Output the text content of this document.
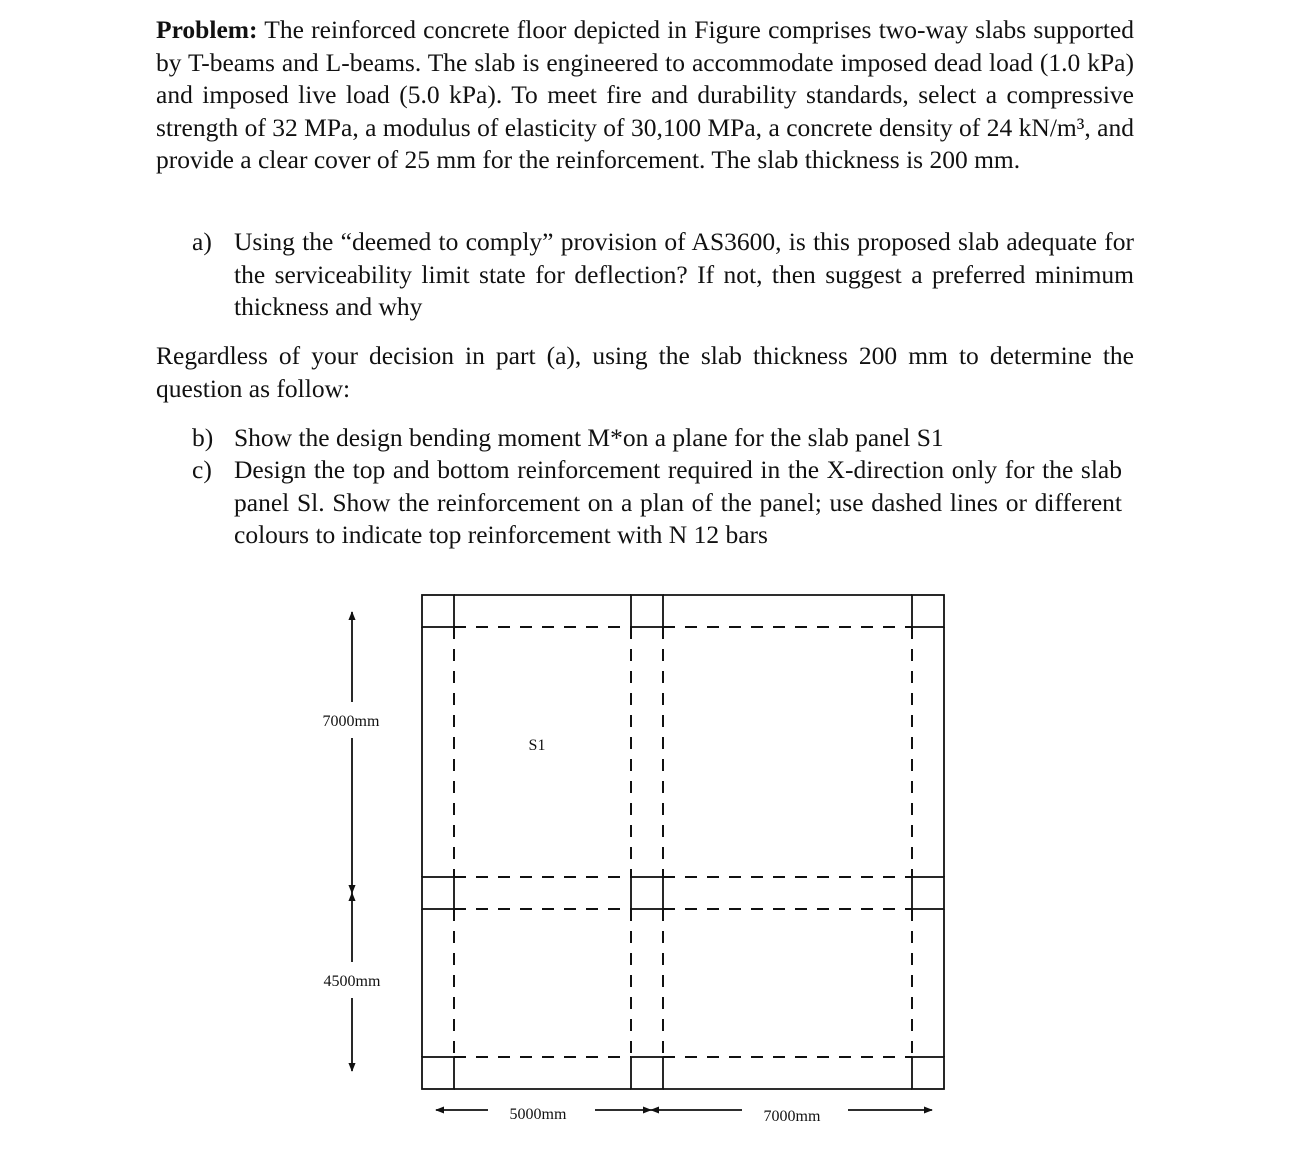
Problem: The reinforced concrete floor depicted in Figure comprises two-way slabs supported by T-beams and L-beams. The slab is engineered to accommodate imposed dead load (1.0 kPa) and imposed live load (5.0 kPa). To meet fire and durability standards, select a compressive strength of 32 MPa, a modulus of elasticity of 30,100 MPa, a concrete density of 24 kN/m³, and provide a clear cover of 25 mm for the reinforcement. The slab thickness is 200 mm.

a) Using the “deemed to comply” provision of AS3600, is this proposed slab adequate for the serviceability limit state for deflection? If not, then suggest a preferred minimum thickness and why

Regardless of your decision in part (a), using the slab thickness 200 mm to determine the question as follow:

b) Show the design bending moment M*on a plane for the slab panel S1
c) Design the top and bottom reinforcement required in the X-direction only for the slab panel Sl. Show the reinforcement on a plan of the panel; use dashed lines or different colours to indicate top reinforcement with N 12 bars
S1
7000mm
4500mm
5000mm	7000mm
